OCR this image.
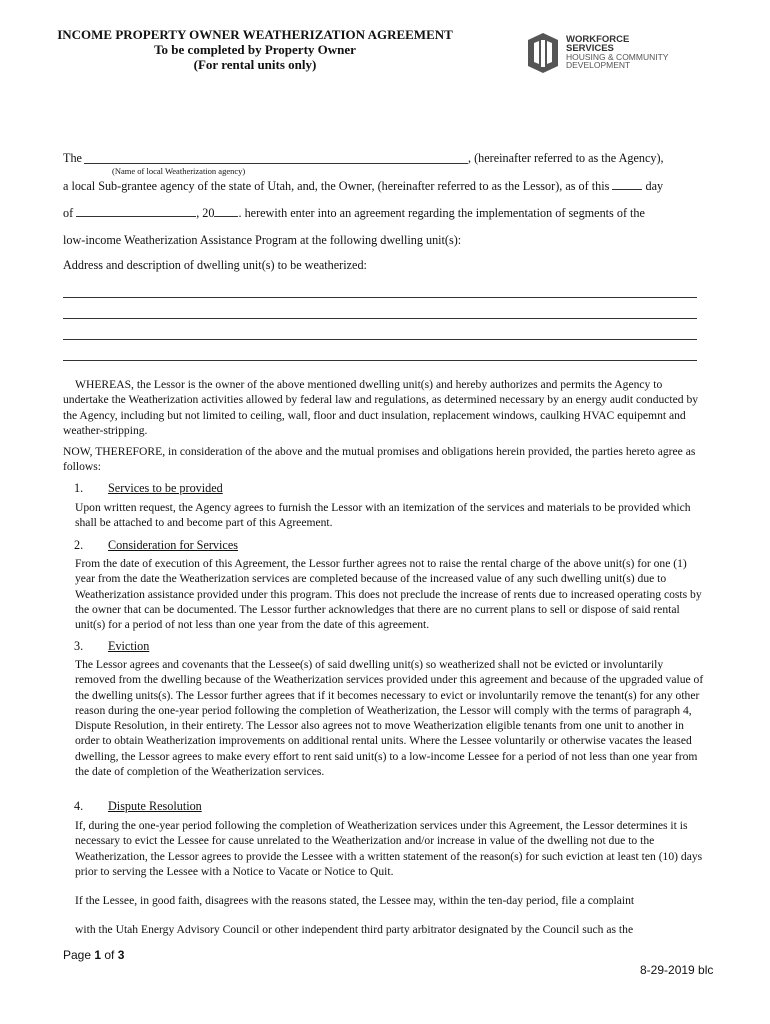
INCOME PROPERTY OWNER WEATHERIZATION AGREEMENT
To be completed by Property Owner
(For rental units only)
WORKFORCE
SERVICES
HOUSING & COMMUNITY
DEVELOPMENT
The	, (hereinafter referred to as the Agency),
(Name of local Weatherization agency)
a local Sub-grantee agency of the state of Utah, and, the Owner, (hereinafter referred to as the Lessor), as of this	day
of	, 20 . herewith enter into an agreement regarding the implementation of segments of the
low-income Weatherization Assistance Program at the following dwelling unit(s):
Address and description of dwelling unit(s) to be weatherized:
WHEREAS, the Lessor is the owner of the above mentioned dwelling unit(s) and hereby authorizes and permits the Agency to undertake the Weatherization activities allowed by federal law and regulations, as determined necessary by an energy audit conducted by the Agency, including but not limited to ceiling, wall, floor and duct insulation, replacement windows, caulking HVAC equipemnt and weather-stripping.
NOW, THEREFORE, in consideration of the above and the mutual promises and obligations herein provided, the parties hereto agree as follows:
1. Services to be provided
Upon written request, the Agency agrees to furnish the Lessor with an itemization of the services and materials to be provided which shall be attached to and become part of this Agreement.
2. Consideration for Services
From the date of execution of this Agreement, the Lessor further agrees not to raise the rental charge of the above unit(s) for one (1) year from the date the Weatherization services are completed because of the increased value of any such dwelling unit(s) due to Weatherization assistance provided under this program. This does not preclude the increase of rents due to increased operating costs by the owner that can be documented. The Lessor further acknowledges that there are no current plans to sell or dispose of said rental unit(s) for a period of not less than one year from the date of this agreement.
3. Eviction
The Lessor agrees and covenants that the Lessee(s) of said dwelling unit(s) so weatherized shall not be evicted or involuntarily removed from the dwelling because of the Weatherization services provided under this agreement and because of the upgraded value of the dwelling units(s). The Lessor further agrees that if it becomes necessary to evict or involuntarily remove the tenant(s) for any other reason during the one-year period following the completion of Weatherization, the Lessor will comply with the terms of paragraph 4, Dispute Resolution, in their entirety. The Lessor also agrees not to move Weatherization eligible tenants from one unit to another in order to obtain Weatherization improvements on additional rental units. Where the Lessee voluntarily or otherwise vacates the leased dwelling, the Lessor agrees to make every effort to rent said unit(s) to a low-income Lessee for a period of not less than one year from the date of completion of the Weatherization services.
4. Dispute Resolution
If, during the one-year period following the completion of Weatherization services under this Agreement, the Lessor determines it is necessary to evict the Lessee for cause unrelated to the Weatherization and/or increase in value of the dwelling not due to the Weatherization, the Lessor agrees to provide the Lessee with a written statement of the reason(s) for such eviction at least ten (10) days prior to serving the Lessee with a Notice to Vacate or Notice to Quit.
If the Lessee, in good faith, disagrees with the reasons stated, the Lessee may, within the ten-day period, file a complaint
with the Utah Energy Advisory Council or other independent third party arbitrator designated by the Council such as the
Page 1 of 3
8-29-2019 blc
